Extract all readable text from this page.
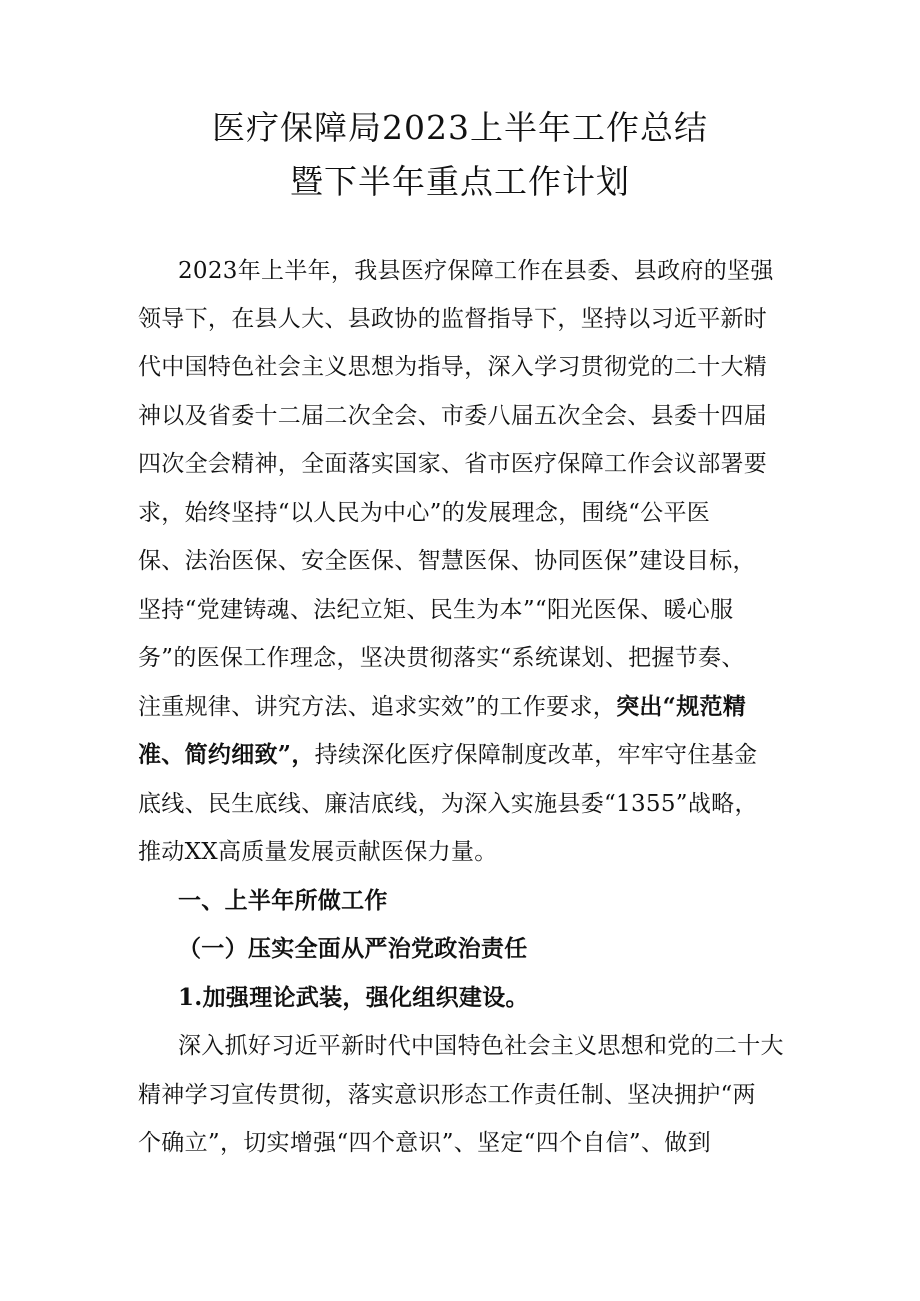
医疗保障局2023上半年工作总结
暨下半年重点工作计划
2023年上半年，我县医疗保障工作在县委、县政府的坚强
领导下，在县人大、县政协的监督指导下，坚持以习近平新时
代中国特色社会主义思想为指导，深入学习贯彻党的二十大精
神以及省委十二届二次全会、市委八届五次全会、县委十四届
四次全会精神，全面落实国家、省市医疗保障工作会议部署要
求，始终坚持“以人民为中心”的发展理念，围绕“公平医
保、法治医保、安全医保、智慧医保、协同医保”建设目标，
坚持“党建铸魂、法纪立矩、民生为本”“阳光医保、暖心服
务”的医保工作理念，坚决贯彻落实“系统谋划、把握节奏、
注重规律、讲究方法、追求实效”的工作要求，突出“规范精
准、简约细致”，持续深化医疗保障制度改革，牢牢守住基金
底线、民生底线、廉洁底线，为深入实施县委“1355”战略，
推动XX高质量发展贡献医保力量。
一、上半年所做工作
（一）压实全面从严治党政治责任
1.加强理论武装，强化组织建设。
深入抓好习近平新时代中国特色社会主义思想和党的二十大
精神学习宣传贯彻，落实意识形态工作责任制、坚决拥护“两
个确立”，切实增强“四个意识”、坚定“四个自信”、做到
